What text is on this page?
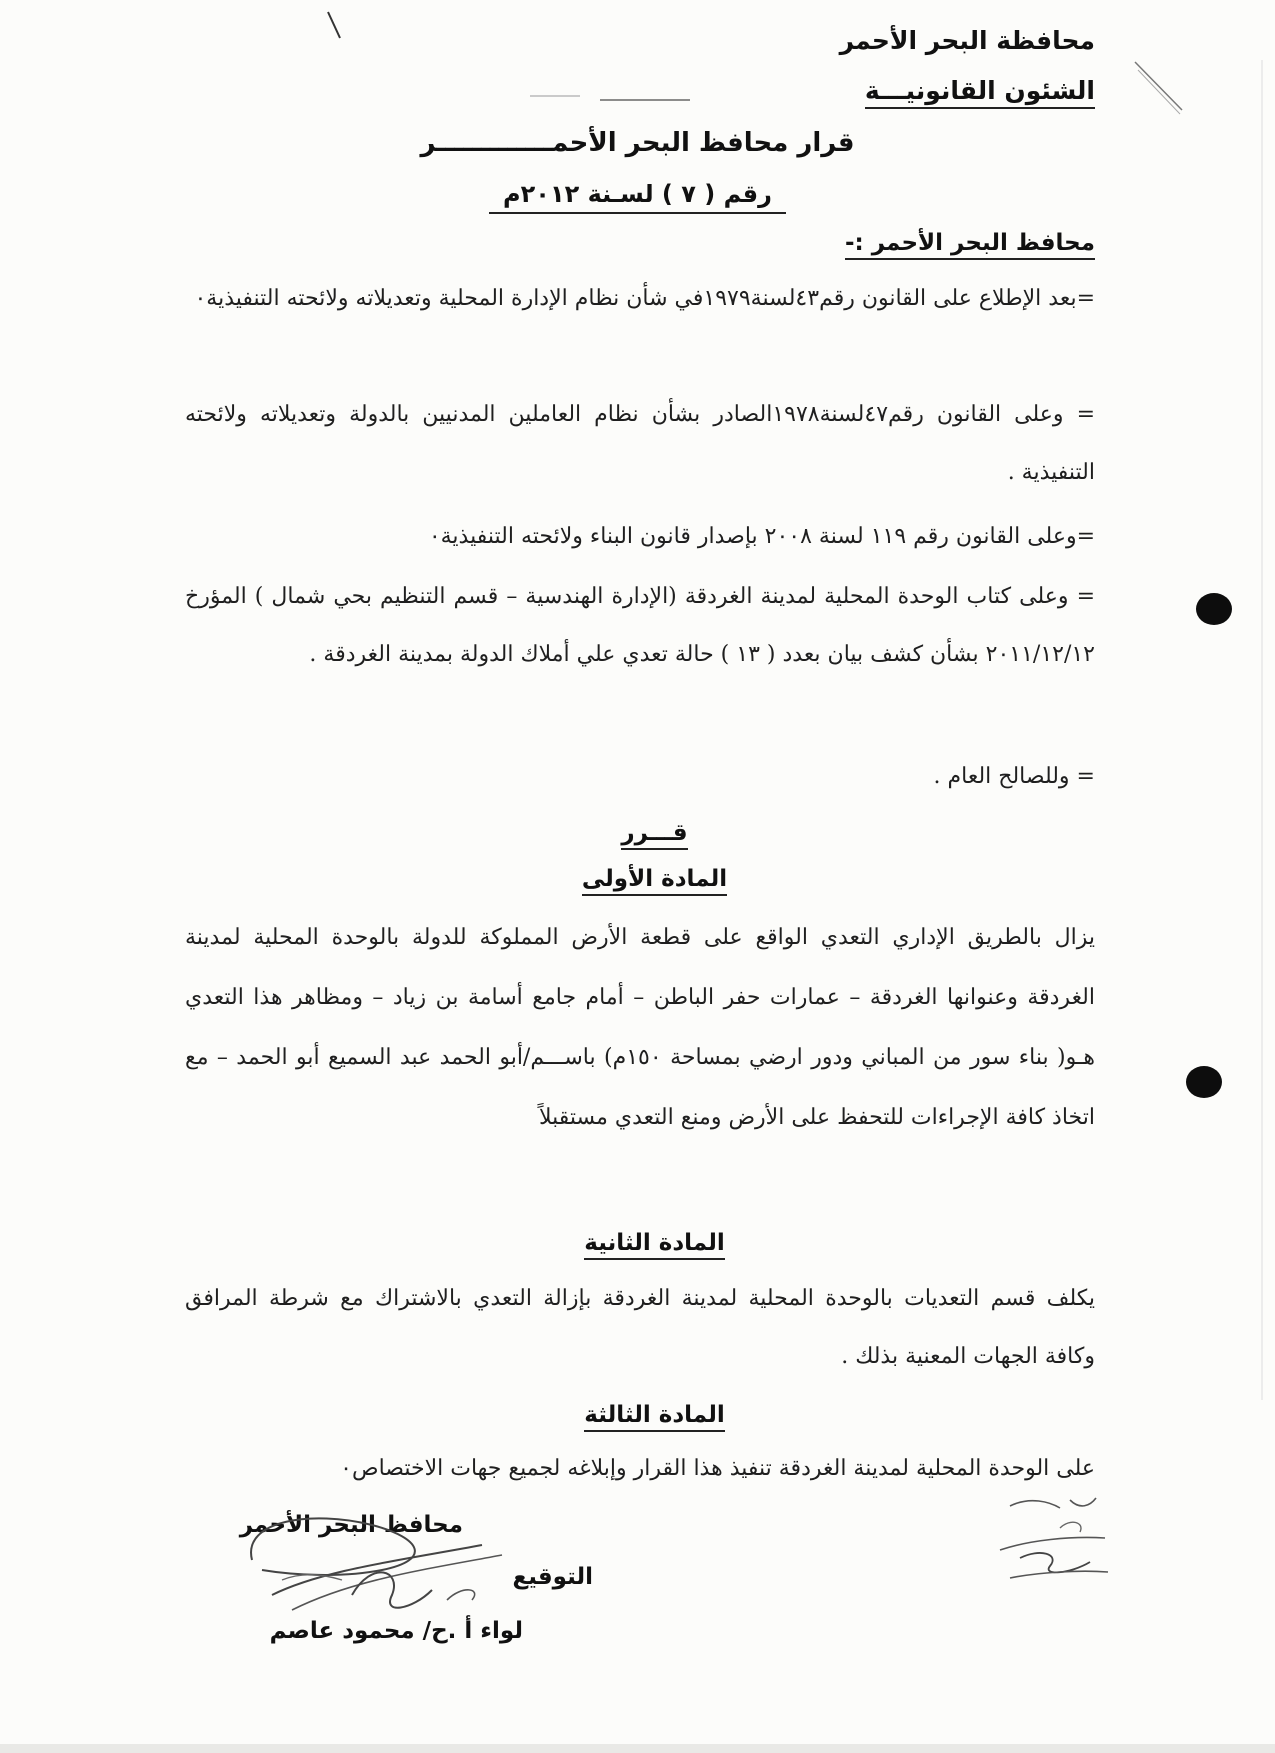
محافظة البحر الأحمر
الشئون القانونيـــة
قرار محافظ البحر الأحمـــــــــــــر
رقم ( ٧ ) لسـنة ٢٠١٢م
محافظ البحر الأحمر :-
=بعد الإطلاع على القانون رقم٤٣لسنة١٩٧٩في شأن نظام الإدارة المحلية وتعديلاته ولائحته التنفيذية٠
= وعلى القانون رقم٤٧لسنة١٩٧٨الصادر بشأن نظام العاملين المدنيين بالدولة وتعديلاته ولائحته التنفيذية .
=وعلى القانون رقم ١١٩ لسنة ٢٠٠٨ بإصدار قانون البناء ولائحته التنفيذية٠
= وعلى كتاب الوحدة المحلية لمدينة الغردقة (الإدارة الهندسية – قسم التنظيم بحي شمال ) المؤرخ ٢٠١١/١٢/١٢ بشأن كشف بيان بعدد ( ١٣ ) حالة تعدي علي أملاك الدولة بمدينة الغردقة .
= وللصالح العام .
قـــرر
المادة الأولى
يزال بالطريق الإداري التعدي الواقع على قطعة الأرض المملوكة للدولة بالوحدة المحلية لمدينة الغردقة وعنوانها الغردقة – عمارات حفر الباطن – أمام جامع أسامة بن زياد – ومظاهر هذا التعدي هـو( بناء سور من المباني ودور ارضي بمساحة ١٥٠م) باســـم/أبو الحمد عبد السميع أبو الحمد – مع اتخاذ كافة الإجراءات للتحفظ على الأرض ومنع التعدي مستقبلاً
المادة الثانية
يكلف قسم التعديات بالوحدة المحلية لمدينة الغردقة بإزالة التعدي بالاشتراك مع شرطة المرافق وكافة الجهات المعنية بذلك .
المادة الثالثة
على الوحدة المحلية لمدينة الغردقة تنفيذ هذا القرار وإبلاغه لجميع جهات الاختصاص٠
محافظ البحر الأحمر
التوقيع
لواء أ .ح/ محمود عاصم
